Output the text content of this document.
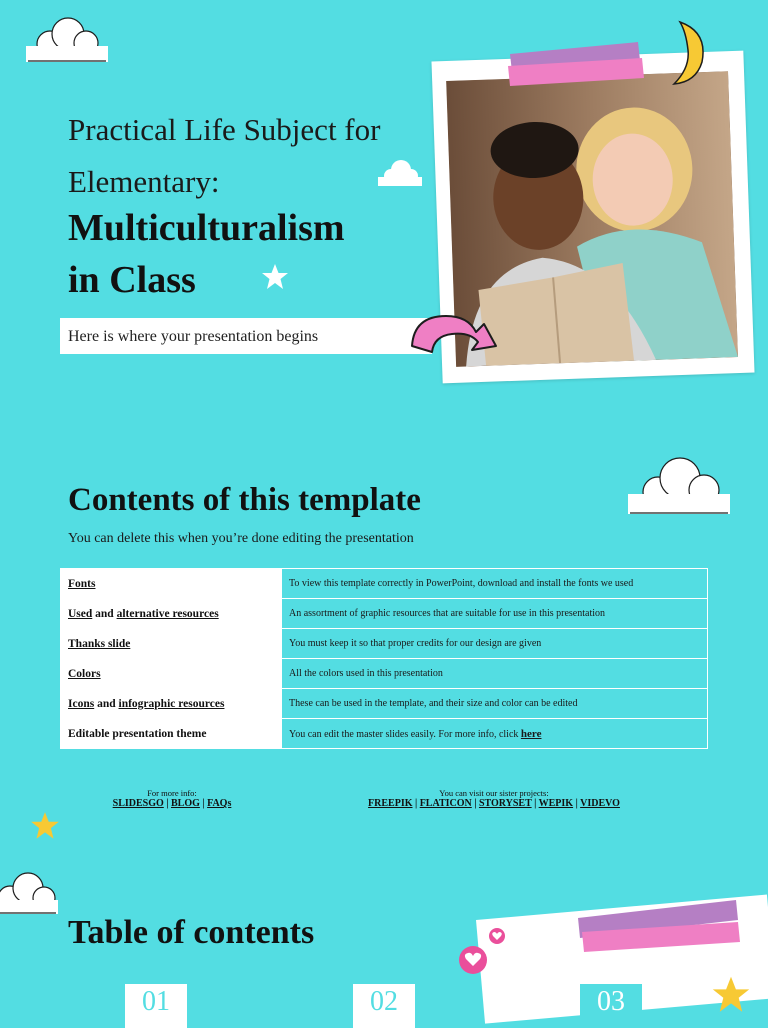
Practical Life Subject for
Elementary:
Multiculturalism
in Class
Here is where your presentation begins
Contents of this template
You can delete this when you’re done editing the presentation
Fonts	To view this template correctly in PowerPoint, download and install the fonts we used
Used and alternative resources	An assortment of graphic resources that are suitable for use in this presentation
Thanks slide	You must keep it so that proper credits for our design are given
Colors	All the colors used in this presentation
Icons and infographic resources	These can be used in the template, and their size and color can be edited
Editable presentation theme	You can edit the master slides easily. For more info, click here
For more info:
SLIDESGO | BLOG | FAQs
You can visit our sister projects:
FREEPIK | FLATICON | STORYSET | WEPIK | VIDEVO
Table of contents
01	02	03
